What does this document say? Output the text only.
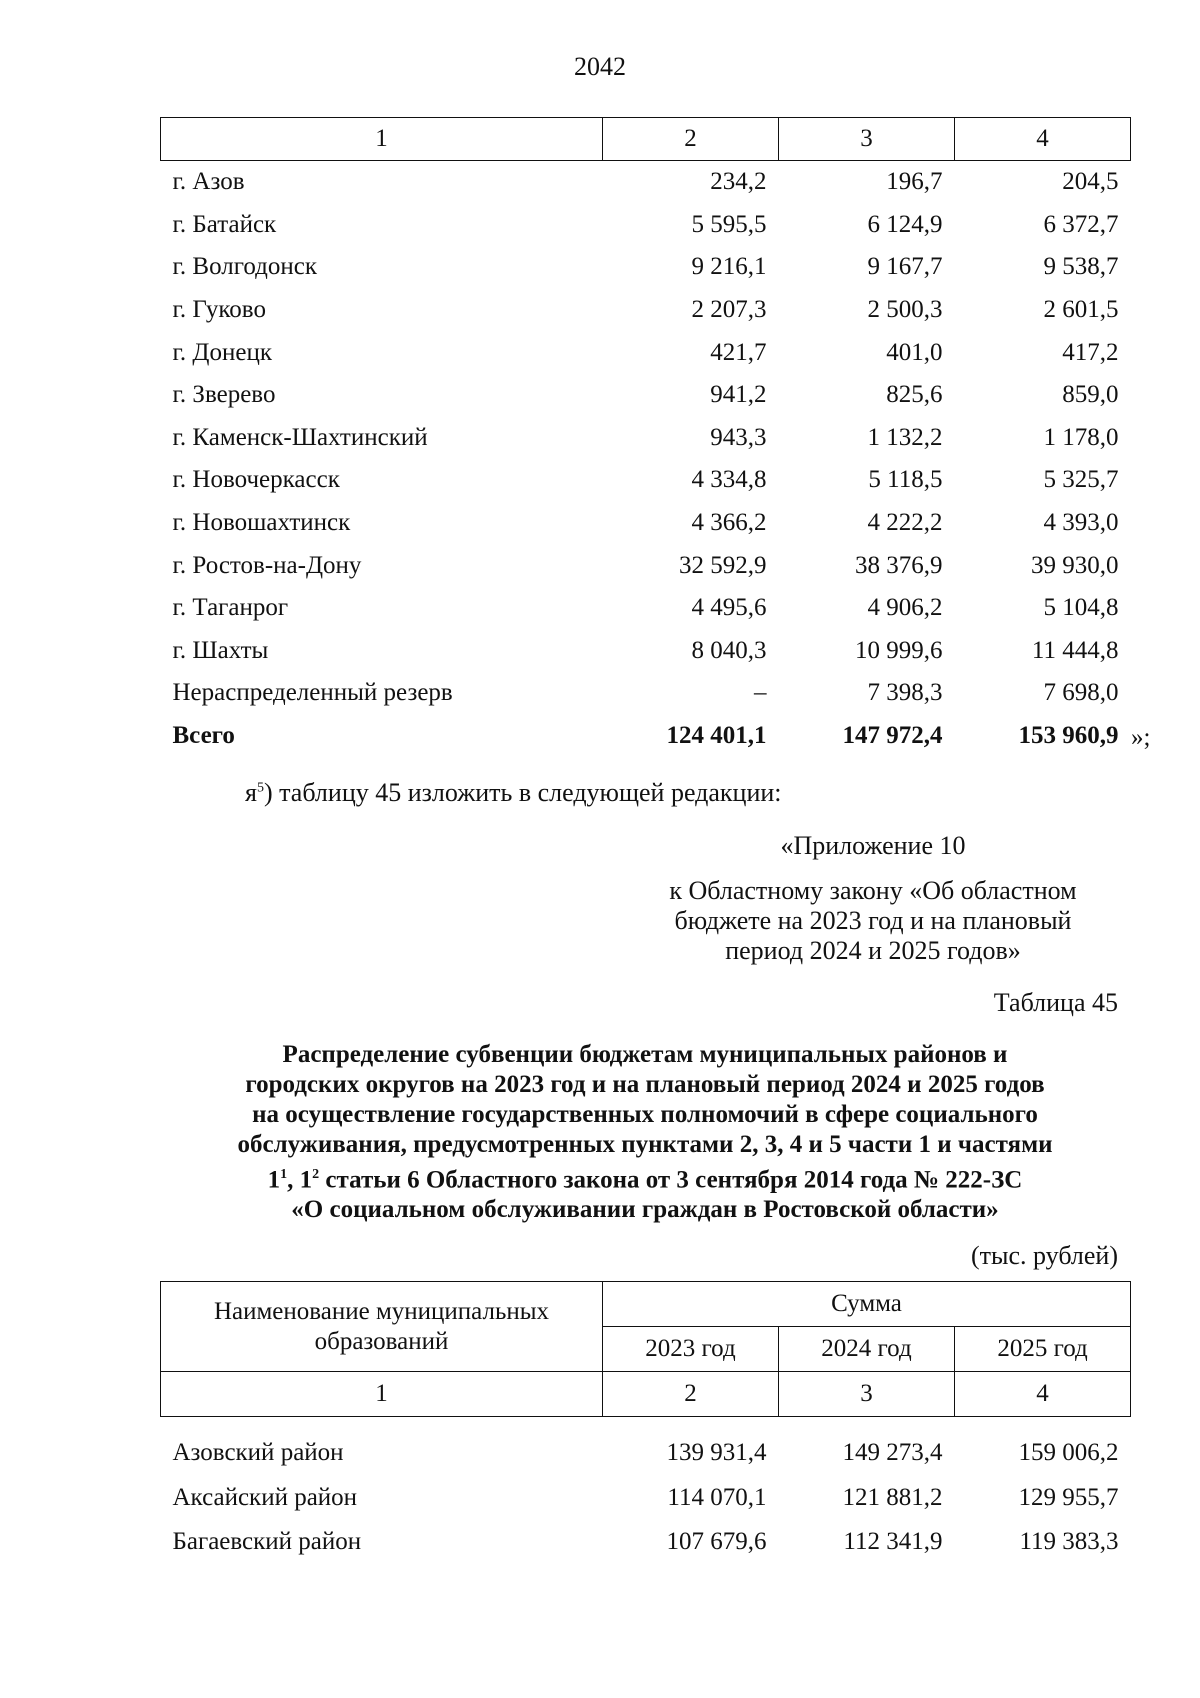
2042
1	2	3	4
г. Азов	234,2	196,7	204,5
г. Батайск	5 595,5	6 124,9	6 372,7
г. Волгодонск	9 216,1	9 167,7	9 538,7
г. Гуково	2 207,3	2 500,3	2 601,5
г. Донецк	421,7	401,0	417,2
г. Зверево	941,2	825,6	859,0
г. Каменск-Шахтинский	943,3	1 132,2	1 178,0
г. Новочеркасск	4 334,8	5 118,5	5 325,7
г. Новошахтинск	4 366,2	4 222,2	4 393,0
г. Ростов-на-Дону	32 592,9	38 376,9	39 930,0
г. Таганрог	4 495,6	4 906,2	5 104,8
г. Шахты	8 040,3	10 999,6	11 444,8
Нераспределенный резерв	–	7 398,3	7 698,0
Всего	124 401,1	147 972,4	153 960,9 »;
$я^5$) таблицу 45 изложить в следующей редакции:
«Приложение 10
к Областному закону «Об областном
бюджете на 2023 год и на плановый
период 2024 и 2025 годов»
Таблица 45
Распределение субвенции бюджетам муниципальных районов и
городских округов на 2023 год и на плановый период 2024 и 2025 годов
на осуществление государственных полномочий в сфере социального
обслуживания, предусмотренных пунктами 2, 3, 4 и 5 части 1 и частями
$1^1$, $1^2$ статьи 6 Областного закона от 3 сентября 2014 года № 222-ЗС
«О социальном обслуживании граждан в Ростовской области»
(тыс. рублей)
Наименование муниципальных
образований	Сумма		
	2023 год	2024 год	2025 год
1	2	3	4
Азовский район	139 931,4	149 273,4	159 006,2
Аксайский район	114 070,1	121 881,2	129 955,7
Багаевский район	107 679,6	112 341,9	119 383,3
